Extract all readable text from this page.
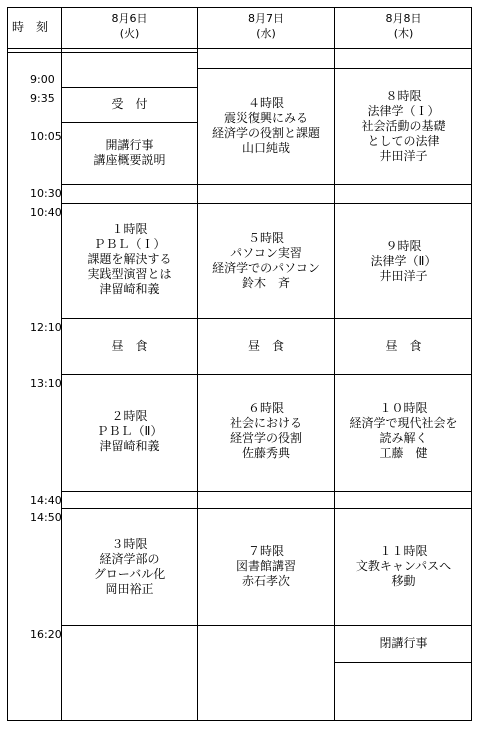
時　刻
8月6日
(火)
8月7日
(水)
8月8日
(木)
9:00
9:35
10:05
10:30
10:40
12:10
13:10
14:40
14:50
16:20
受　付
開講行事
講座概要説明
１時限
ＰＢＬ（Ｉ）
課題を解決する
実践型演習とは
津留崎和義
昼　食
２時限
ＰＢＬ（Ⅱ）
津留崎和義
３時限
経済学部の
グローバル化
岡田裕正
４時限
震災復興にみる
経済学の役割と課題
山口純哉
５時限
パソコン実習
経済学でのパソコン
鈴木　斉
昼　食
６時限
社会における
経営学の役割
佐藤秀典
７時限
図書館講習
赤石孝次
８時限
法律学（Ｉ）
社会活動の基礎
としての法律
井田洋子
９時限
法律学（Ⅱ）
井田洋子
昼　食
１０時限
経済学で現代社会を
読み解く
工藤　健
１１時限
文教キャンパスへ
移動
閉講行事
